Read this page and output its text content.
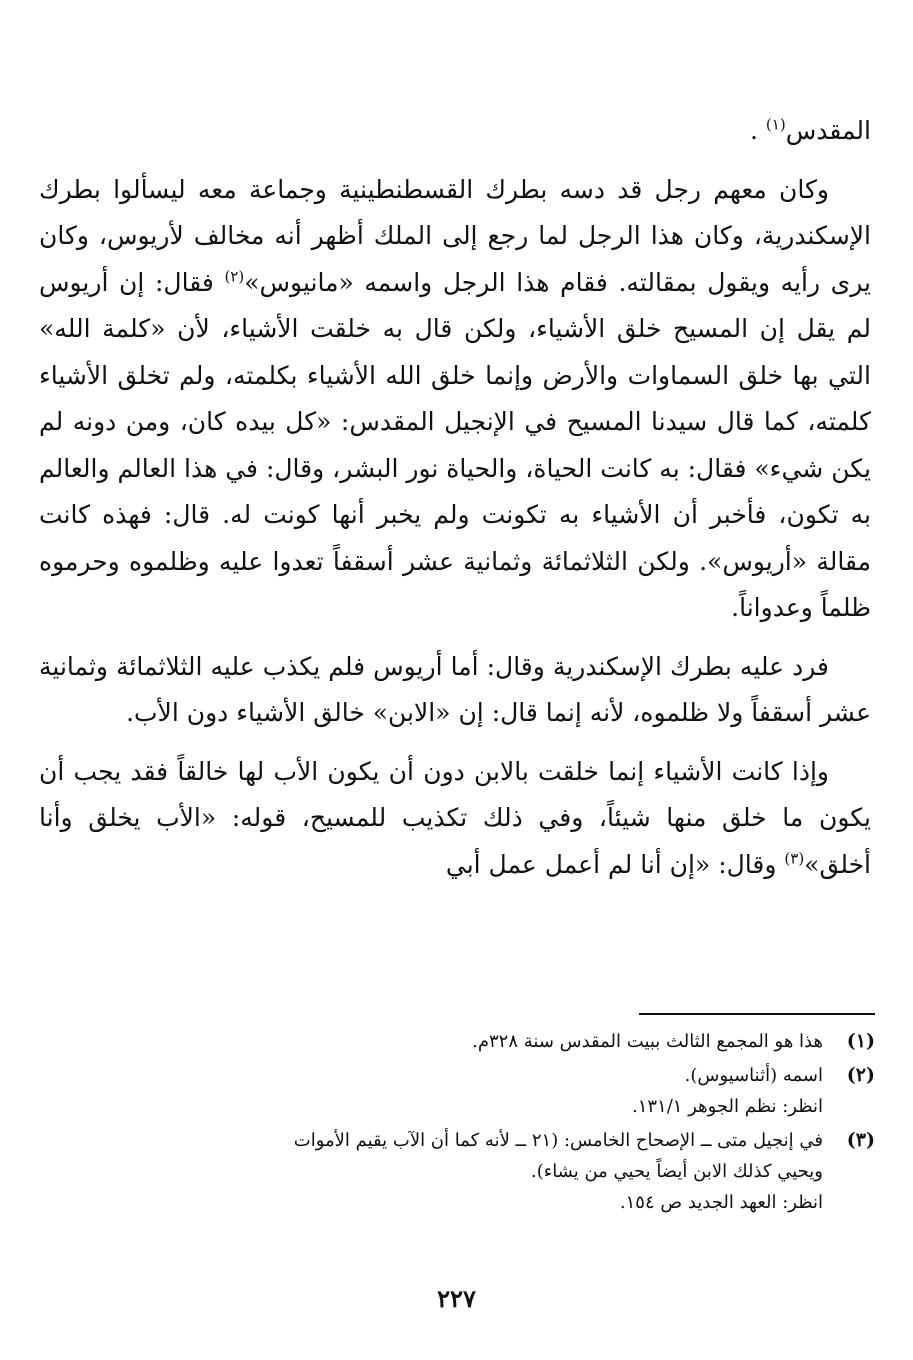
المقدس$^{(١)}$ .

وكان معهم رجل قد دسه بطرك القسطنطينية وجماعة معه ليسألوا بطرك الإسكندرية، وكان هذا الرجل لما رجع إلى الملك أظهر أنه مخالف لأريوس، وكان يرى رأيه ويقول بمقالته. فقام هذا الرجل واسمه «مانيوس»$^{(٢)}$ فقال: إن أريوس لم يقل إن المسيح خلق الأشياء، ولكن قال به خلقت الأشياء، لأن «كلمة الله» التي بها خلق السماوات والأرض وإنما خلق الله الأشياء بكلمته، ولم تخلق الأشياء كلمته، كما قال سيدنا المسيح في الإنجيل المقدس: «كل بيده كان، ومن دونه لم يكن شيء» فقال: به كانت الحياة، والحياة نور البشر، وقال: في هذا العالم والعالم به تكون، فأخبر أن الأشياء به تكونت ولم يخبر أنها كونت له. قال: فهذه كانت مقالة «أريوس». ولكن الثلاثمائة وثمانية عشر أسقفاً تعدوا عليه وظلموه وحرموه ظلماً وعدواناً.

فرد عليه بطرك الإسكندرية وقال: أما أريوس فلم يكذب عليه الثلاثمائة وثمانية عشر أسقفاً ولا ظلموه، لأنه إنما قال: إن «الابن» خالق الأشياء دون الأب.

وإذا كانت الأشياء إنما خلقت بالابن دون أن يكون الأب لها خالقاً فقد يجب أن يكون ما خلق منها شيئاً، وفي ذلك تكذيب للمسيح، قوله: «الأب يخلق وأنا أخلق»$^{(٣)}$ وقال: «إن أنا لم أعمل عمل أبي

(١)
هذا هو المجمع الثالث ببيت المقدس سنة ٣٢٨م.
(٢)
اسمه (أثناسيوس).
انظر: نظم الجوهر ١٣١/١.
(٣)
في إنجيل متى ــ الإصحاح الخامس: (٢١ ــ لأنه كما أن الآب يقيم الأموات
ويحيي كذلك الابن أيضاً يحيي من يشاء).
انظر: العهد الجديد ص ١٥٤.
٢٢٧
